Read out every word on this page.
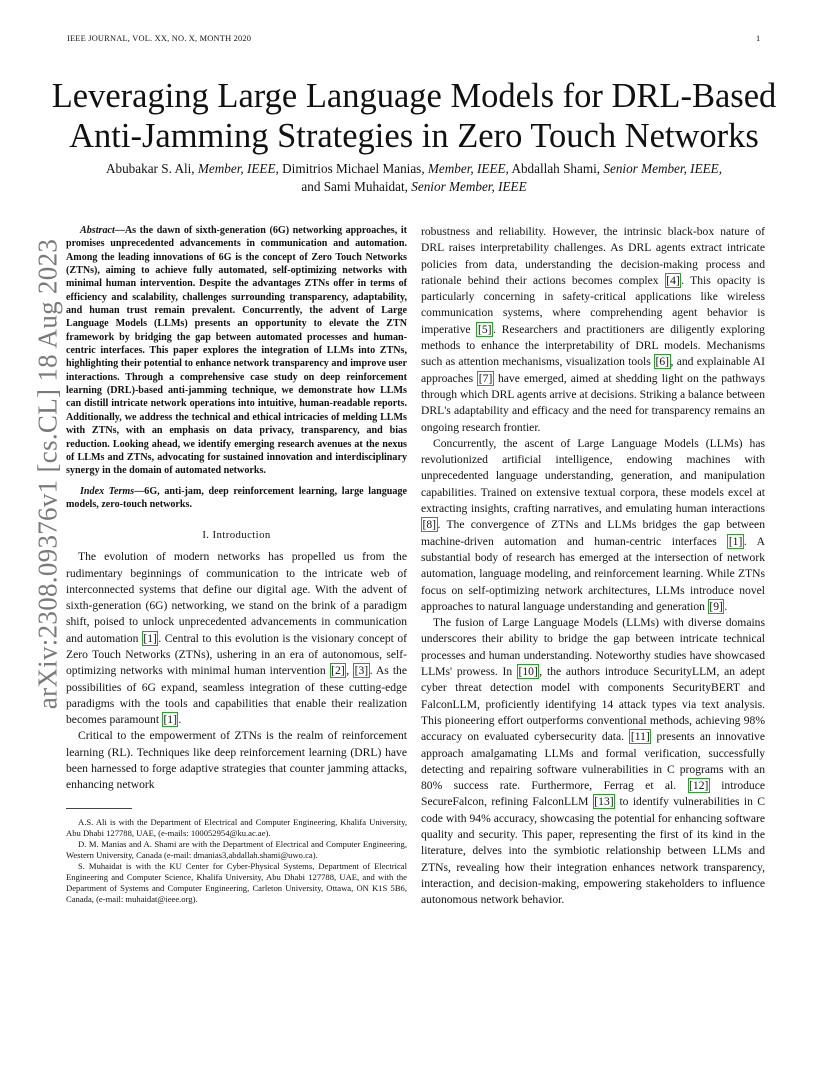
IEEE JOURNAL, VOL. XX, NO. X, MONTH 2020	1
arXiv:2308.09376v1 [cs.CL] 18 Aug 2023
Leveraging Large Language Models for DRL-Based
Anti-Jamming Strategies in Zero Touch Networks
Abubakar S. Ali, Member, IEEE, Dimitrios Michael Manias, Member, IEEE, Abdallah Shami, Senior Member, IEEE,
and Sami Muhaidat, Senior Member, IEEE

Abstract—As the dawn of sixth-generation (6G) networking approaches, it promises unprecedented advancements in communication and automation. Among the leading innovations of 6G is the concept of Zero Touch Networks (ZTNs), aiming to achieve fully automated, self-optimizing networks with minimal human intervention. Despite the advantages ZTNs offer in terms of efficiency and scalability, challenges surrounding transparency, adaptability, and human trust remain prevalent. Concurrently, the advent of Large Language Models (LLMs) presents an opportunity to elevate the ZTN framework by bridging the gap between automated processes and human-centric interfaces. This paper explores the integration of LLMs into ZTNs, highlighting their potential to enhance network transparency and improve user interactions. Through a comprehensive case study on deep reinforcement learning (DRL)-based anti-jamming technique, we demonstrate how LLMs can distill intricate network operations into intuitive, human-readable reports. Additionally, we address the technical and ethical intricacies of melding LLMs with ZTNs, with an emphasis on data privacy, transparency, and bias reduction. Looking ahead, we identify emerging research avenues at the nexus of LLMs and ZTNs, advocating for sustained innovation and interdisciplinary synergy in the domain of automated networks.

Index Terms—6G, anti-jam, deep reinforcement learning, large language models, zero-touch networks.

I. Introduction

The evolution of modern networks has propelled us from the rudimentary beginnings of communication to the intricate web of interconnected systems that define our digital age. With the advent of sixth-generation (6G) networking, we stand on the brink of a paradigm shift, poised to unlock unprecedented advancements in communication and automation [1] . Central to this evolution is the visionary concept of Zero Touch Networks (ZTNs), ushering in an era of autonomous, self-optimizing networks with minimal human intervention [2] , [3] . As the possibilities of 6G expand, seamless integration of these cutting-edge paradigms with the tools and capabilities that enable their realization becomes paramount [1] .

Critical to the empowerment of ZTNs is the realm of reinforcement learning (RL). Techniques like deep reinforcement learning (DRL) have been harnessed to forge adaptive strategies that counter jamming attacks, enhancing network

A.S. Ali is with the Department of Electrical and Computer Engineering, Khalifa University, Abu Dhabi 127788, UAE, (e-mails: 100052954@ku.ac.ae).

D. M. Manias and A. Shami are with the Department of Electrical and Computer Engineering, Western University, Canada (e-mail: dmanias3,abdallah.shami@uwo.ca).

S. Muhaidat is with the KU Center for Cyber-Physical Systems, Department of Electrical Engineering and Computer Science, Khalifa University, Abu Dhabi 127788, UAE, and with the Department of Systems and Computer Engineering, Carleton University, Ottawa, ON K1S 5B6, Canada, (e-mail: muhaidat@ieee.org).

robustness and reliability. However, the intrinsic black-box nature of DRL raises interpretability challenges. As DRL agents extract intricate policies from data, understanding the decision-making process and rationale behind their actions becomes complex [4] . This opacity is particularly concerning in safety-critical applications like wireless communication systems, where comprehending agent behavior is imperative [5] . Researchers and practitioners are diligently exploring methods to enhance the interpretability of DRL models. Mechanisms such as attention mechanisms, visualization tools [6] , and explainable AI approaches [7] have emerged, aimed at shedding light on the pathways through which DRL agents arrive at decisions. Striking a balance between DRL's adaptability and efficacy and the need for transparency remains an ongoing research frontier.

Concurrently, the ascent of Large Language Models (LLMs) has revolutionized artificial intelligence, endowing machines with unprecedented language understanding, generation, and manipulation capabilities. Trained on extensive textual corpora, these models excel at extracting insights, crafting narratives, and emulating human interactions [8] . The convergence of ZTNs and LLMs bridges the gap between machine-driven automation and human-centric interfaces [1] . A substantial body of research has emerged at the intersection of network automation, language modeling, and reinforcement learning. While ZTNs focus on self-optimizing network architectures, LLMs introduce novel approaches to natural language understanding and generation [9] .

The fusion of Large Language Models (LLMs) with diverse domains underscores their ability to bridge the gap between intricate technical processes and human understanding. Noteworthy studies have showcased LLMs' prowess. In [10] , the authors introduce SecurityLLM, an adept cyber threat detection model with components SecurityBERT and FalconLLM, proficiently identifying 14 attack types via text analysis. This pioneering effort outperforms conventional methods, achieving 98% accuracy on evaluated cybersecurity data. [11] presents an innovative approach amalgamating LLMs and formal verification, successfully detecting and repairing software vulnerabilities in C programs with an 80% success rate. Furthermore, Ferrag et al. [12] introduce SecureFalcon, refining FalconLLM [13] to identify vulnerabilities in C code with 94% accuracy, showcasing the potential for enhancing software quality and security. This paper, representing the first of its kind in the literature, delves into the symbiotic relationship between LLMs and ZTNs, revealing how their integration enhances network transparency, interaction, and decision-making, empowering stakeholders to influence autonomous network behavior.
